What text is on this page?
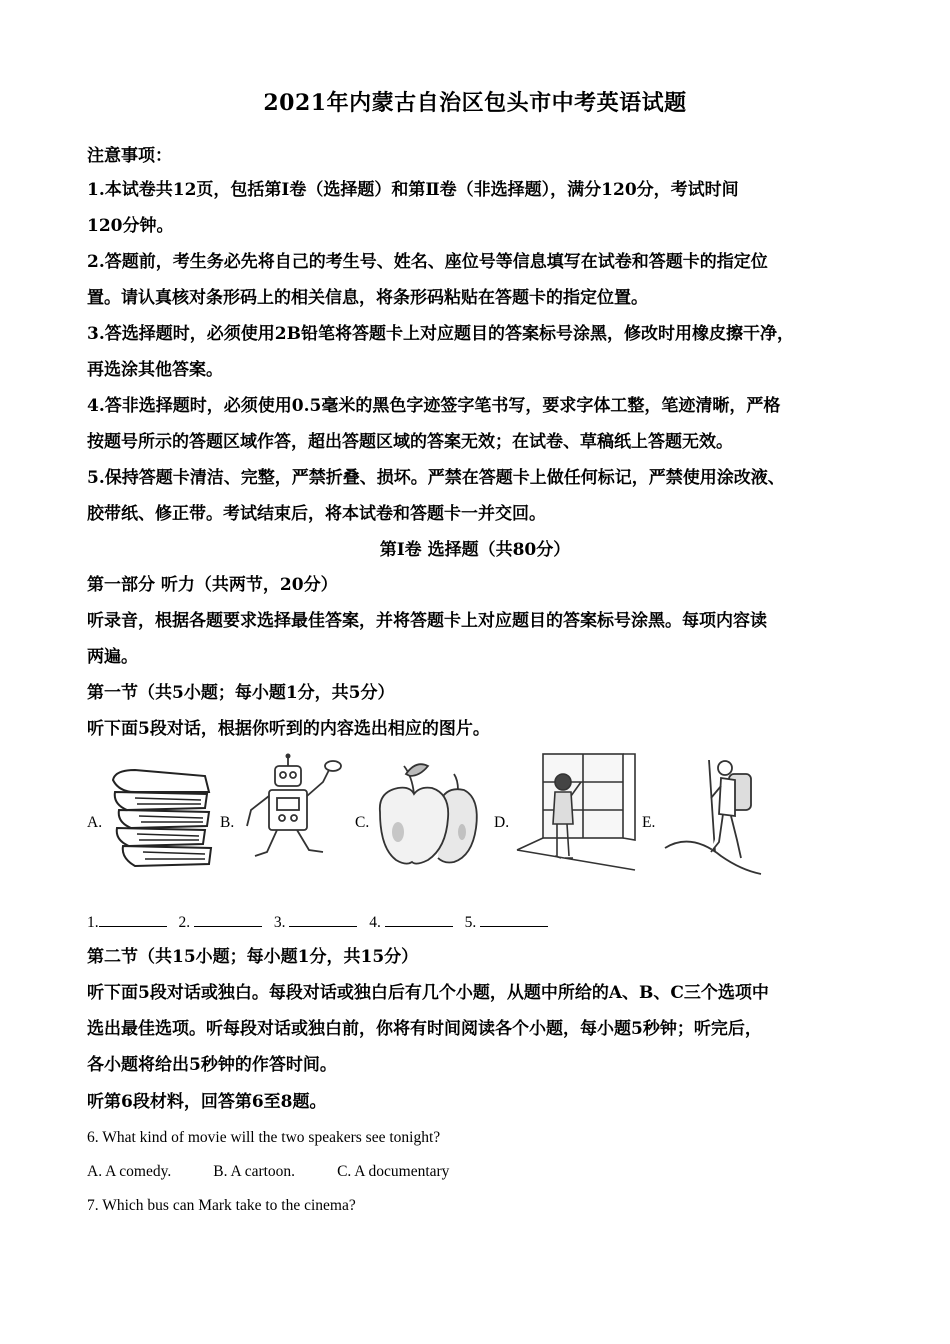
2021年内蒙古自治区包头市中考英语试题
注意事项：
1.本试卷共12页，包括第Ⅰ卷（选择题）和第Ⅱ卷（非选择题），满分120分，考试时间
120分钟。
2.答题前，考生务必先将自己的考生号、姓名、座位号等信息填写在试卷和答题卡的指定位
置。请认真核对条形码上的相关信息，将条形码粘贴在答题卡的指定位置。
3.答选择题时，必须使用2B铅笔将答题卡上对应题目的答案标号涂黑，修改时用橡皮擦干净，
再选涂其他答案。
4.答非选择题时，必须使用0.5毫米的黑色字迹签字笔书写，要求字体工整，笔迹清晰，严格
按题号所示的答题区域作答，超出答题区域的答案无效；在试卷、草稿纸上答题无效。
5.保持答题卡清洁、完整，严禁折叠、损坏。严禁在答题卡上做任何标记，严禁使用涂改液、
胶带纸、修正带。考试结束后，将本试卷和答题卡一并交回。
第Ⅰ卷 选择题（共80分）
第一部分 听力（共两节，20分）
听录音，根据各题要求选择最佳答案，并将答题卡上对应题目的答案标号涂黑。每项内容读
两遍。
第一节（共5小题；每小题1分，共5分）
听下面5段对话，根据你听到的内容选出相应的图片。
A.	B.	C.	D.	E.
1.	2.	3.	4.	5.
第二节（共15小题；每小题1分，共15分）
听下面5段对话或独白。每段对话或独白后有几个小题，从题中所给的A、B、C三个选项中
选出最佳选项。听每段对话或独白前，你将有时间阅读各个小题，每小题5秒钟；听完后，
各小题将给出5秒钟的作答时间。
听第6段材料，回答第6至8题。
6. What kind of movie will the two speakers see tonight?
A. A comedy.	B. A cartoon.	C. A documentary
7. Which bus can Mark take to the cinema?
